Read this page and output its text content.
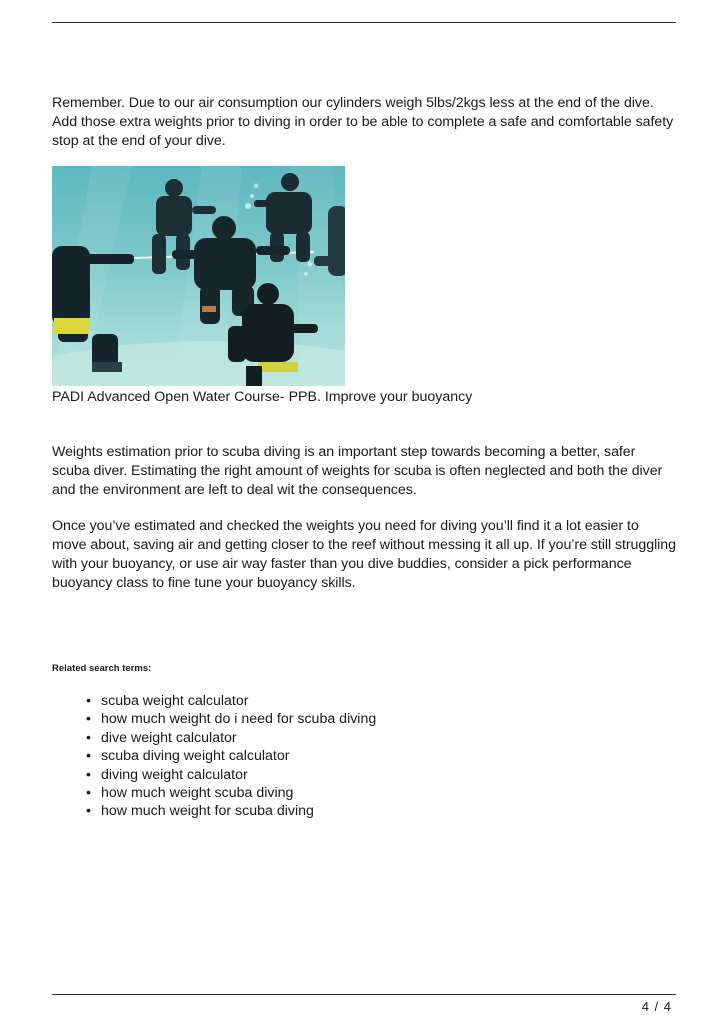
Remember. Due to our air consumption our cylinders weigh 5lbs/2kgs less at the end of the dive. Add those extra weights prior to diving in order to be able to complete a safe and comfortable safety stop at the end of your dive.

PADI Advanced Open Water Course- PPB. Improve your buoyancy

Weights estimation prior to scuba diving is an important step towards becoming a better, safer scuba diver. Estimating the right amount of weights for scuba is often neglected and both the diver and the environment are left to deal wit the consequences.

Once you’ve estimated and checked the weights you need for diving you’ll find it a lot easier to move about, saving air and getting closer to the reef without messing it all up. If you’re still struggling with your buoyancy, or use air way faster than you dive buddies, consider a pick performance buoyancy class to fine tune your buoyancy skills.

Related search terms:

• scuba weight calculator
• how much weight do i need for scuba diving
• dive weight calculator
• scuba diving weight calculator
• diving weight calculator
• how much weight scuba diving
• how much weight for scuba diving
4 / 4
